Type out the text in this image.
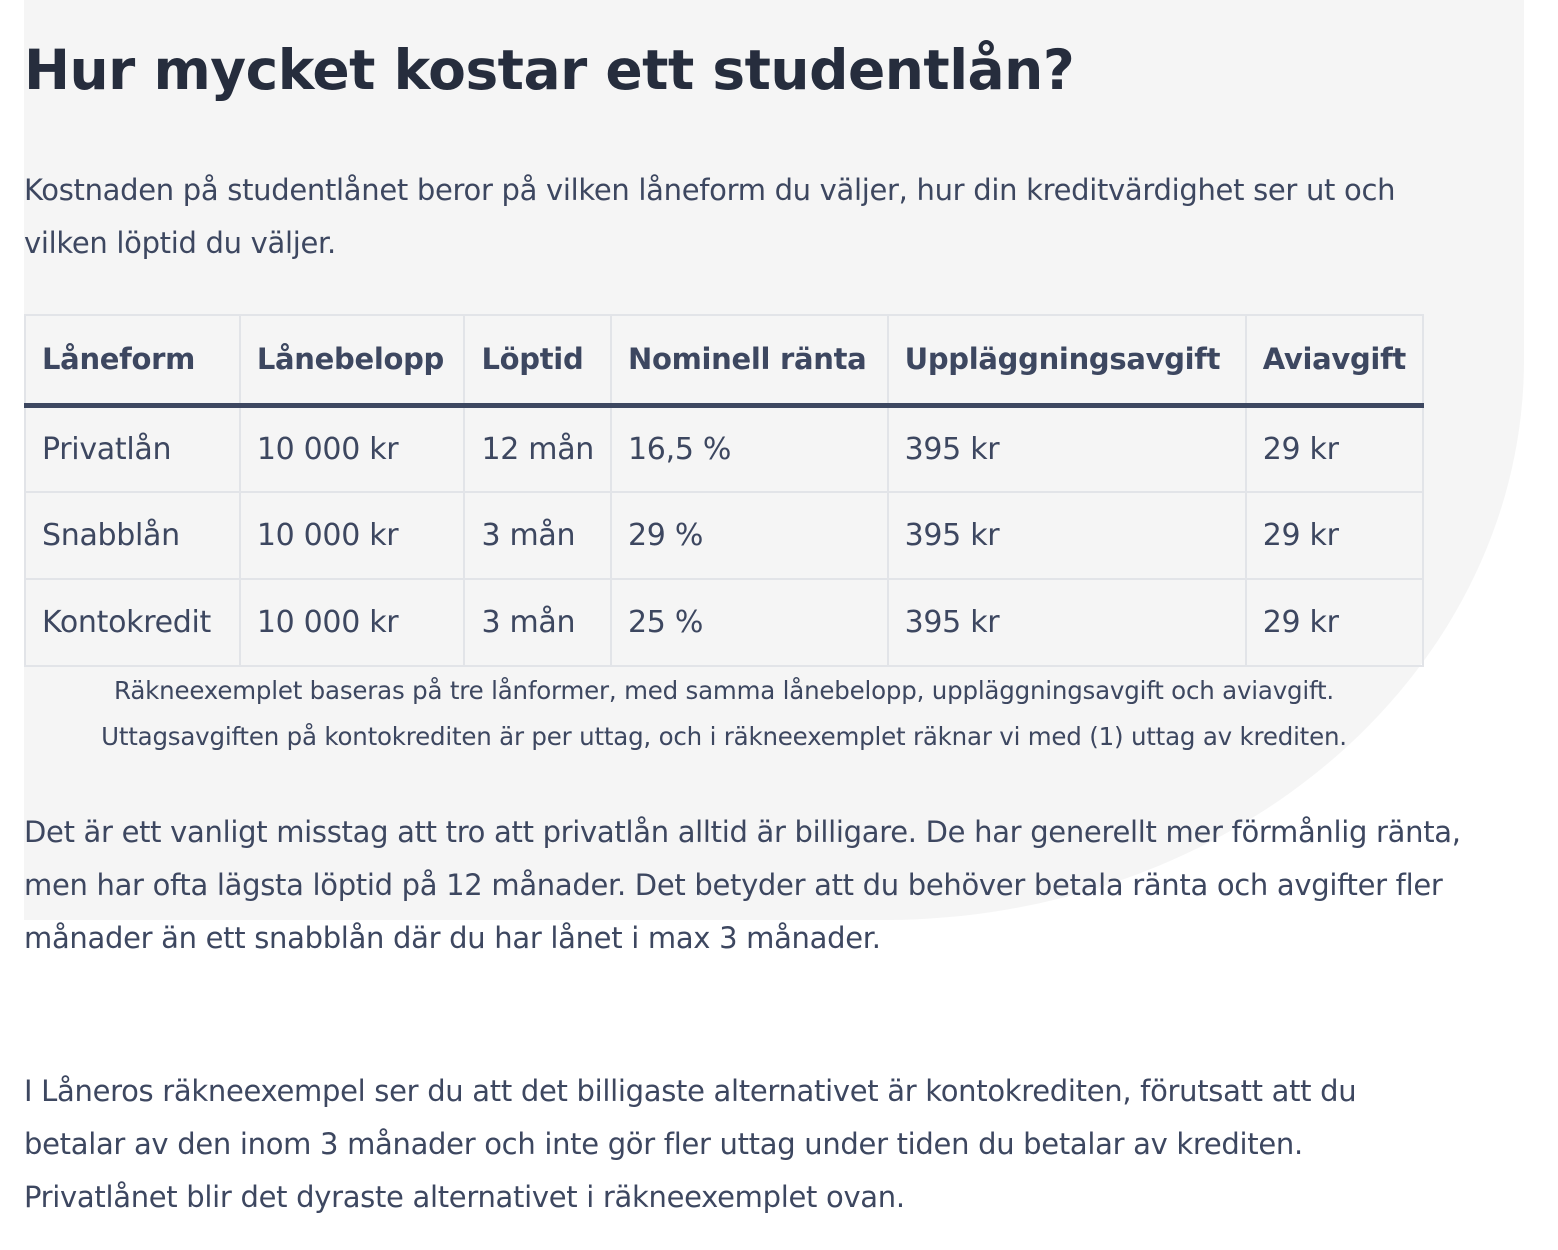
Hur mycket kostar ett studentlån?

Kostnaden på studentlånet beror på vilken låneform du väljer, hur din kreditvärdighet ser ut och vilken löptid du väljer.

Låneform	Lånebelopp	Löptid	Nominell ränta	Uppläggningsavgift	Aviavgift
Privatlån	10 000 kr	12 mån	16,5 %	395 kr	29 kr
Snabblån	10 000 kr	3 mån	29 %	395 kr	29 kr
Kontokredit	10 000 kr	3 mån	25 %	395 kr	29 kr

Räkneexemplet baseras på tre lånformer, med samma lånebelopp, uppläggningsavgift och aviavgift. Uttagsavgiften på kontokrediten är per uttag, och i räkneexemplet räknar vi med (1) uttag av krediten.

Det är ett vanligt misstag att tro att privatlån alltid är billigare. De har generellt mer förmånlig ränta, men har ofta lägsta löptid på 12 månader. Det betyder att du behöver betala ränta och avgifter fler månader än ett snabblån där du har lånet i max 3 månader.

I Låneros räkneexempel ser du att det billigaste alternativet är kontokrediten, förutsatt att du betalar av den inom 3 månader och inte gör fler uttag under tiden du betalar av krediten. Privatlånet blir det dyraste alternativet i räkneexemplet ovan.
